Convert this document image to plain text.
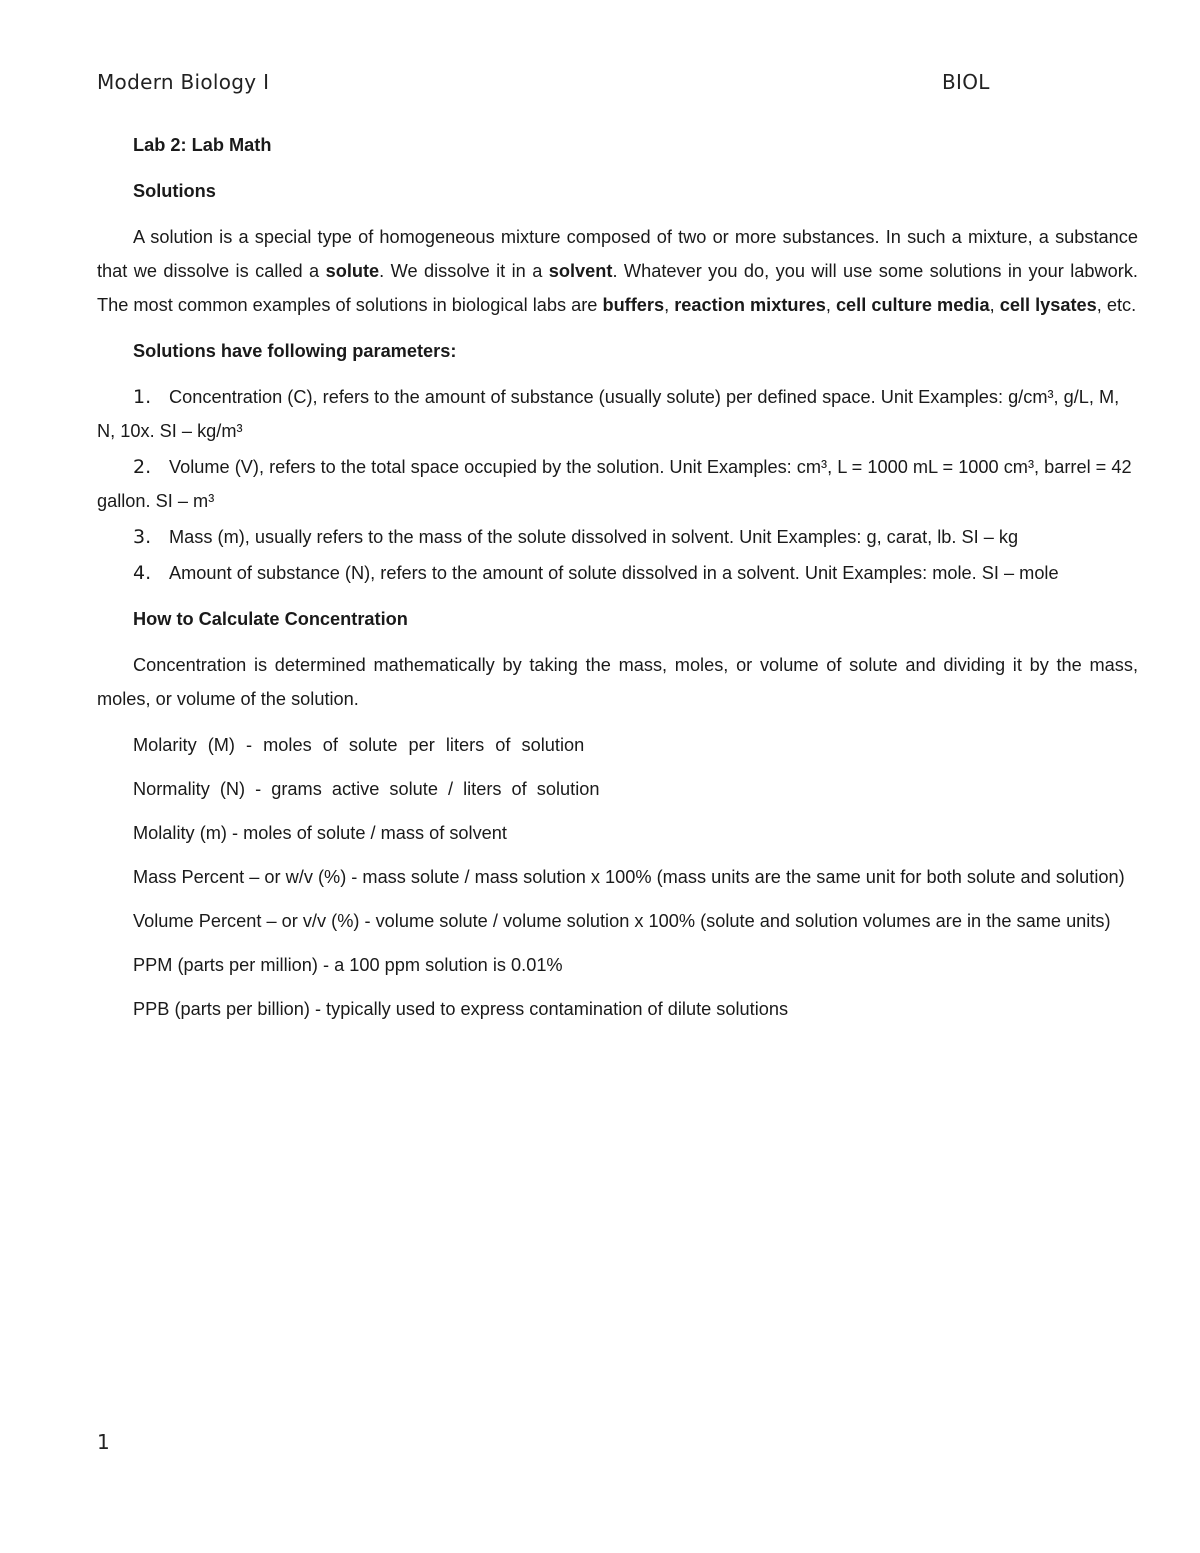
Modern Biology I	BIOL
Lab 2: Lab Math
Solutions
A solution is a special type of homogeneous mixture composed of two or more substances. In such a mixture, a substance that we dissolve is called a solute. We dissolve it in a solvent. Whatever you do, you will use some solutions in your labwork. The most common examples of solutions in biological labs are buffers, reaction mixtures, cell culture media, cell lysates, etc.
Solutions have following parameters:
1. Concentration (C), refers to the amount of substance (usually solute) per defined space. Unit Examples: g/cm³, g/L, M, N, 10x. SI – kg/m³
2. Volume (V), refers to the total space occupied by the solution. Unit Examples: cm³, L = 1000 mL = 1000 cm³, barrel = 42 gallon. SI – m³
3. Mass (m), usually refers to the mass of the solute dissolved in solvent. Unit Examples: g, carat, lb. SI – kg
4. Amount of substance (N), refers to the amount of solute dissolved in a solvent. Unit Examples: mole. SI – mole
How to Calculate Concentration
Concentration is determined mathematically by taking the mass, moles, or volume of solute and dividing it by the mass, moles, or volume of the solution.
Molarity (M) - moles of solute per liters of solution
Normality (N) - grams active solute / liters of solution
Molality (m) - moles of solute / mass of solvent
Mass Percent – or w/v (%) - mass solute / mass solution x 100% (mass units are the same unit for both solute and solution)
Volume Percent – or v/v (%) - volume solute / volume solution x 100% (solute and solution volumes are in the same units)
PPM (parts per million) - a 100 ppm solution is 0.01%
PPB (parts per billion) - typically used to express contamination of dilute solutions
1
